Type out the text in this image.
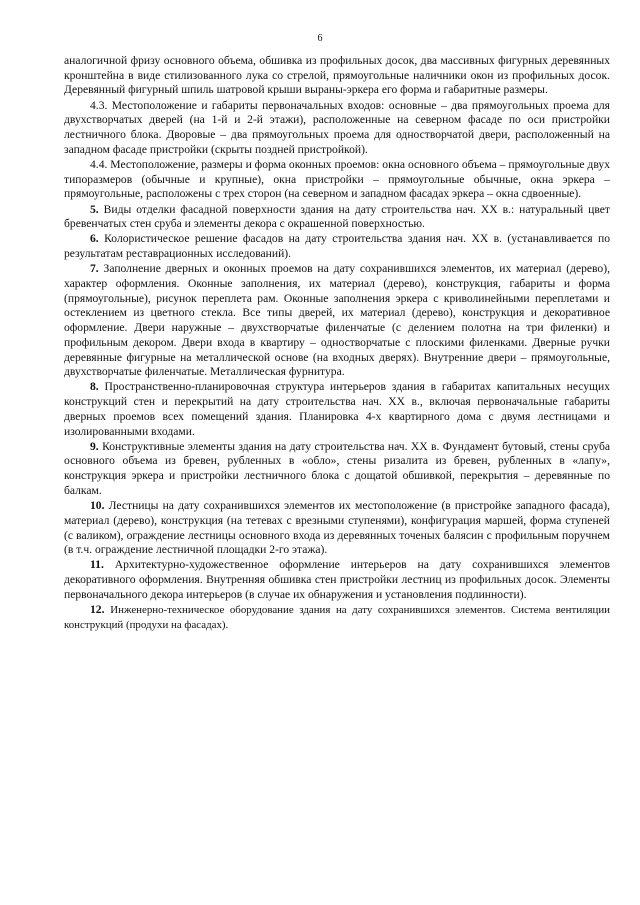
6

аналогичной фризу основного объема, обшивка из профильных досок, два массивных фигурных деревянных кронштейна в виде стилизованного лука со стрелой, прямоугольные наличники окон из профильных досок. Деревянный фигурный шпиль шатровой крыши выраны-эркера его форма и габаритные размеры.

4.3. Местоположение и габариты первоначальных входов: основные – два прямоугольных проема для двухстворчатых дверей (на 1-й и 2-й этажи), расположенные на северном фасаде по оси пристройки лестничного блока. Дворовые – два прямоугольных проема для одностворчатой двери, расположенный на западном фасаде пристройки (скрыты поздней пристройкой).

4.4. Местоположение, размеры и форма оконных проемов: окна основного объема – прямоугольные двух типоразмеров (обычные и крупные), окна пристройки – прямоугольные обычные, окна эркера – прямоугольные, расположены с трех сторон (на северном и западном фасадах эркера – окна сдвоенные).

5. Виды отделки фасадной поверхности здания на дату строительства нач. XX в.: натуральный цвет бревенчатых стен сруба и элементы декора с окрашенной поверхностью.

6. Колористическое решение фасадов на дату строительства здания нач. XX в. (устанавливается по результатам реставрационных исследований).

7. Заполнение дверных и оконных проемов на дату сохранившихся элементов, их материал (дерево), характер оформления. Оконные заполнения, их материал (дерево), конструкция, габариты и форма (прямоугольные), рисунок переплета рам. Оконные заполнения эркера с криволинейными переплетами и остеклением из цветного стекла. Все типы дверей, их материал (дерево), конструкция и декоративное оформление. Двери наружные – двухстворчатые филенчатые (с делением полотна на три филенки) и профильным декором. Двери входа в квартиру – одностворчатые с плоскими филенками. Дверные ручки деревянные фигурные на металлической основе (на входных дверях). Внутренние двери – прямоугольные, двухстворчатые филенчатые. Металлическая фурнитура.

8. Пространственно-планировочная структура интерьеров здания в габаритах капитальных несущих конструкций стен и перекрытий на дату строительства нач. XX в., включая первоначальные габариты дверных проемов всех помещений здания. Планировка 4-х квартирного дома с двумя лестницами и изолированными входами.

9. Конструктивные элементы здания на дату строительства нач. XX в. Фундамент бутовый, стены сруба основного объема из бревен, рубленных в «обло», стены ризалита из бревен, рубленных в «лапу», конструкция эркера и пристройки лестничного блока с дощатой обшивкой, перекрытия – деревянные по балкам.

10. Лестницы на дату сохранившихся элементов их местоположение (в пристройке западного фасада), материал (дерево), конструкция (на тетевах с врезными ступенями), конфигурация маршей, форма ступеней (с валиком), ограждение лестницы основного входа из деревянных точеных балясин с профильным поручнем (в т.ч. ограждение лестничной площадки 2-го этажа).

11. Архитектурно-художественное оформление интерьеров на дату сохранившихся элементов декоративного оформления. Внутренняя обшивка стен пристройки лестниц из профильных досок. Элементы первоначального декора интерьеров (в случае их обнаружения и установления подлинности).

12. Инженерно-техническое оборудование здания на дату сохранившихся элементов. Система вентиляции конструкций (продухи на фасадах).
